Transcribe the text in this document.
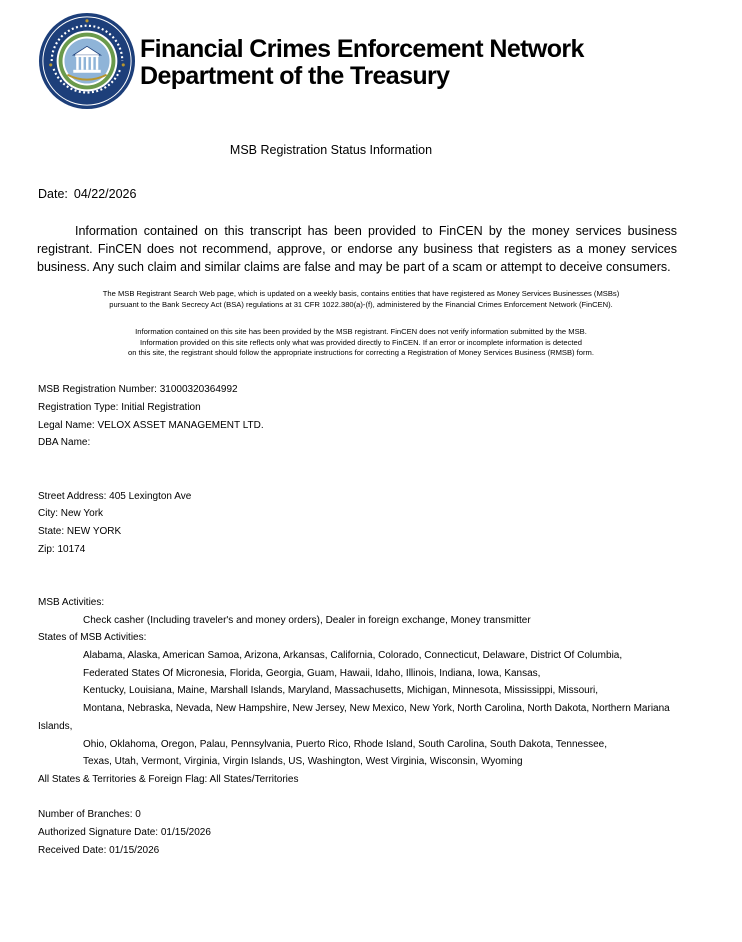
Financial Crimes Enforcement Network
Department of the Treasury
MSB Registration Status Information
Date: 04/22/2026
Information contained on this transcript has been provided to FinCEN by the money services business registrant. FinCEN does not recommend, approve, or endorse any business that registers as a money services business. Any such claim and similar claims are false and may be part of a scam or attempt to deceive consumers.
The MSB Registrant Search Web page, which is updated on a weekly basis, contains entities that have registered as Money Services Businesses (MSBs)
pursuant to the Bank Secrecy Act (BSA) regulations at 31 CFR 1022.380(a)-(f), administered by the Financial Crimes Enforcement Network (FinCEN).
Information contained on this site has been provided by the MSB registrant. FinCEN does not verify information submitted by the MSB.
Information provided on this site reflects only what was provided directly to FinCEN. If an error or incomplete information is detected
on this site, the registrant should follow the appropriate instructions for correcting a Registration of Money Services Business (RMSB) form.
MSB Registration Number: 31000320364992
Registration Type: Initial Registration
Legal Name: VELOX ASSET MANAGEMENT LTD.
DBA Name:
Street Address: 405 Lexington Ave
City: New York
State: NEW YORK
Zip: 10174
MSB Activities:
Check casher (Including traveler's and money orders), Dealer in foreign exchange, Money transmitter
States of MSB Activities:
Alabama, Alaska, American Samoa, Arizona, Arkansas, California, Colorado, Connecticut, Delaware, District Of Columbia,
Federated States Of Micronesia, Florida, Georgia, Guam, Hawaii, Idaho, Illinois, Indiana, Iowa, Kansas,
Kentucky, Louisiana, Maine, Marshall Islands, Maryland, Massachusetts, Michigan, Minnesota, Mississippi, Missouri,
Montana, Nebraska, Nevada, New Hampshire, New Jersey, New Mexico, New York, North Carolina, North Dakota, Northern Mariana
Islands,
Ohio, Oklahoma, Oregon, Palau, Pennsylvania, Puerto Rico, Rhode Island, South Carolina, South Dakota, Tennessee,
Texas, Utah, Vermont, Virginia, Virgin Islands, US, Washington, West Virginia, Wisconsin, Wyoming
All States & Territories & Foreign Flag: All States/Territories
Number of Branches: 0
Authorized Signature Date: 01/15/2026
Received Date: 01/15/2026
